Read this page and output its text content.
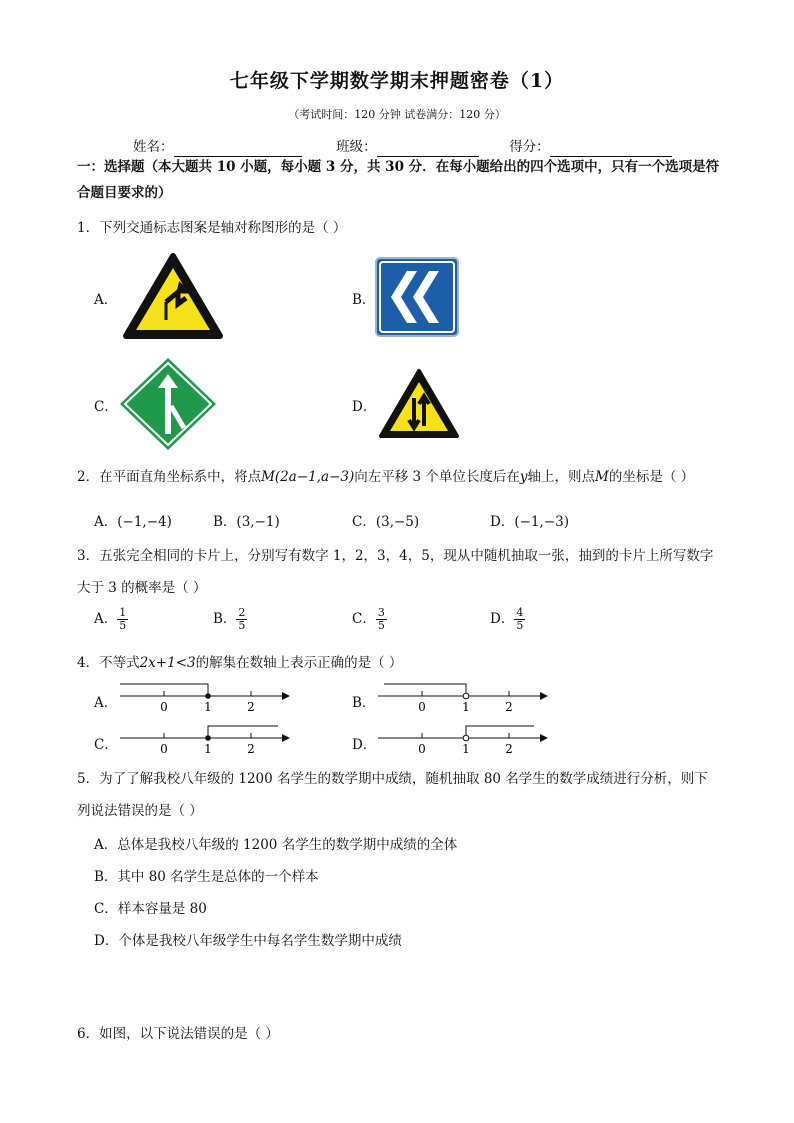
七年级下学期数学期末押题密卷（1）
（考试时间：120 分钟 试卷满分：120 分）
姓名：	班级：	得分：
一：选择题（本大题共 10 小题，每小题 3 分，共 30 分．在每小题给出的四个选项中，只有一个选项是符
合题目要求的）
1．下列交通标志图案是轴对称图形的是（ ）
A．	B．
C．	D．
2．在平面直角坐标系中，将点M(2a−1,a−3)向左平移 3 个单位长度后在y轴上，则点M的坐标是（ ）
A．(−1,−4)	B．(3,−1)	C．(3,−5)	D．(−1,−3)
3．五张完全相同的卡片上，分别写有数字 1，2，3，4，5，现从中随机抽取一张，抽到的卡片上所写数字
大于 3 的概率是（ ）
A． $\frac{1}{5}$	B． $\frac{2}{5}$	C． $\frac{3}{5}$	D． $\frac{4}{5}$
4．不等式2x+1<3的解集在数轴上表示正确的是（ ）
A．	0	1	2	B．	0	1	2
C．	0	1	2	D．	0	1	2
5．为了了解我校八年级的 1200 名学生的数学期中成绩，随机抽取 80 名学生的数学成绩进行分析，则下
列说法错误的是（ ）
A．总体是我校八年级的 1200 名学生的数学期中成绩的全体
B．其中 80 名学生是总体的一个样本
C．样本容量是 80
D．个体是我校八年级学生中每名学生数学期中成绩
6．如图，以下说法错误的是（ ）
